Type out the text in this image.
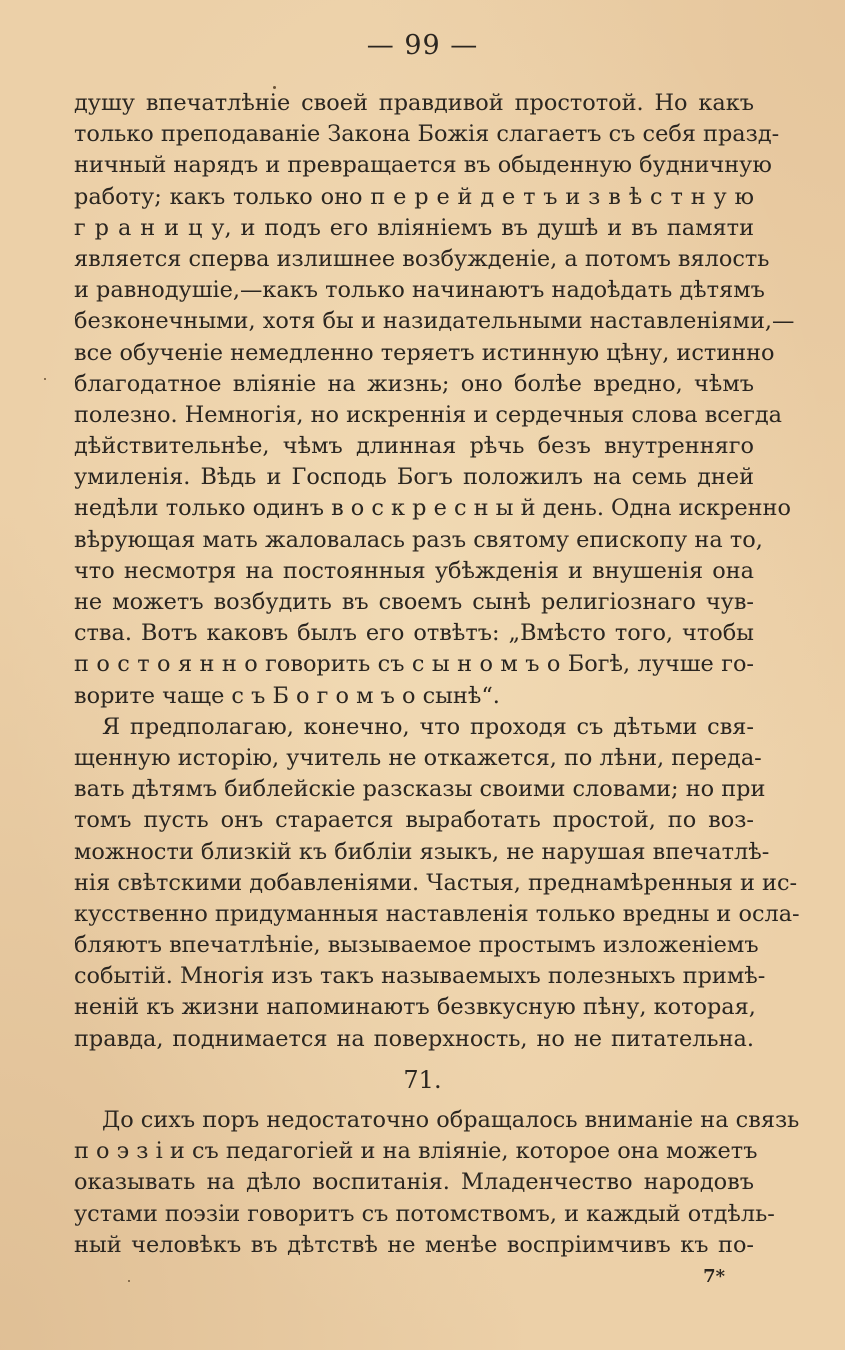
— 99 —
душу впечатлѣніе своей правдивой простотой. Но какъ
только преподаваніе Закона Божія слагаетъ съ себя празд-
ничный нарядъ и превращается въ обыденную будничную
работу; какъ только оно п е р е й д е т ъ и з в ѣ с т н у ю
г р а н и ц у, и подъ его вліяніемъ въ душѣ и въ памяти
является сперва излишнее возбужденіе, а потомъ вялость
и равнодушіе,—какъ только начинаютъ надоѣдать дѣтямъ
безконечными, хотя бы и назидательными наставленіями,—
все обученіе немедленно теряетъ истинную цѣну, истинно
благодатное вліяніе на жизнь; оно болѣе вредно, чѣмъ
полезно. Немногія, но искреннія и сердечныя слова всегда
дѣйствительнѣе, чѣмъ длинная рѣчь безъ внутренняго
умиленія. Вѣдь и Господь Богъ положилъ на семь дней
недѣли только одинъ в о с к р е с н ы й день. Одна искренно
вѣрующая мать жаловалась разъ святому епископу на то,
что несмотря на постоянныя убѣжденія и внушенія она
не можетъ возбудить въ своемъ сынѣ религіознаго чув-
ства. Вотъ каковъ былъ его отвѣтъ: „Вмѣсто того, чтобы
п о с т о я н н о говорить съ с ы н о м ъ о Богѣ, лучше го-
ворите чаще с ъ Б о г о м ъ о сынѣ“.
Я предполагаю, конечно, что проходя съ дѣтьми свя-
щенную исторію, учитель не откажется, по лѣни, переда-
вать дѣтямъ библейскіе разсказы своими словами; но при
томъ пусть онъ старается выработать простой, по воз-
можности близкій къ библіи языкъ, не нарушая впечатлѣ-
нія свѣтскими добавленіями. Частыя, преднамѣренныя и ис-
кусственно придуманныя наставленія только вредны и осла-
бляютъ впечатлѣніе, вызываемое простымъ изложеніемъ
событій. Многія изъ такъ называемыхъ полезныхъ примѣ-
неній къ жизни напоминаютъ безвкусную пѣну, которая,
правда, поднимается на поверхность, но не питательна.
71.
До сихъ поръ недостаточно обращалось вниманіе на связь
п о э з і и съ педагогіей и на вліяніе, которое она можетъ
оказывать на дѣло воспитанія. Младенчество народовъ
устами поэзіи говоритъ съ потомствомъ, и каждый отдѣль-
ный человѣкъ въ дѣтствѣ не менѣе воспріимчивъ къ по-
7*
